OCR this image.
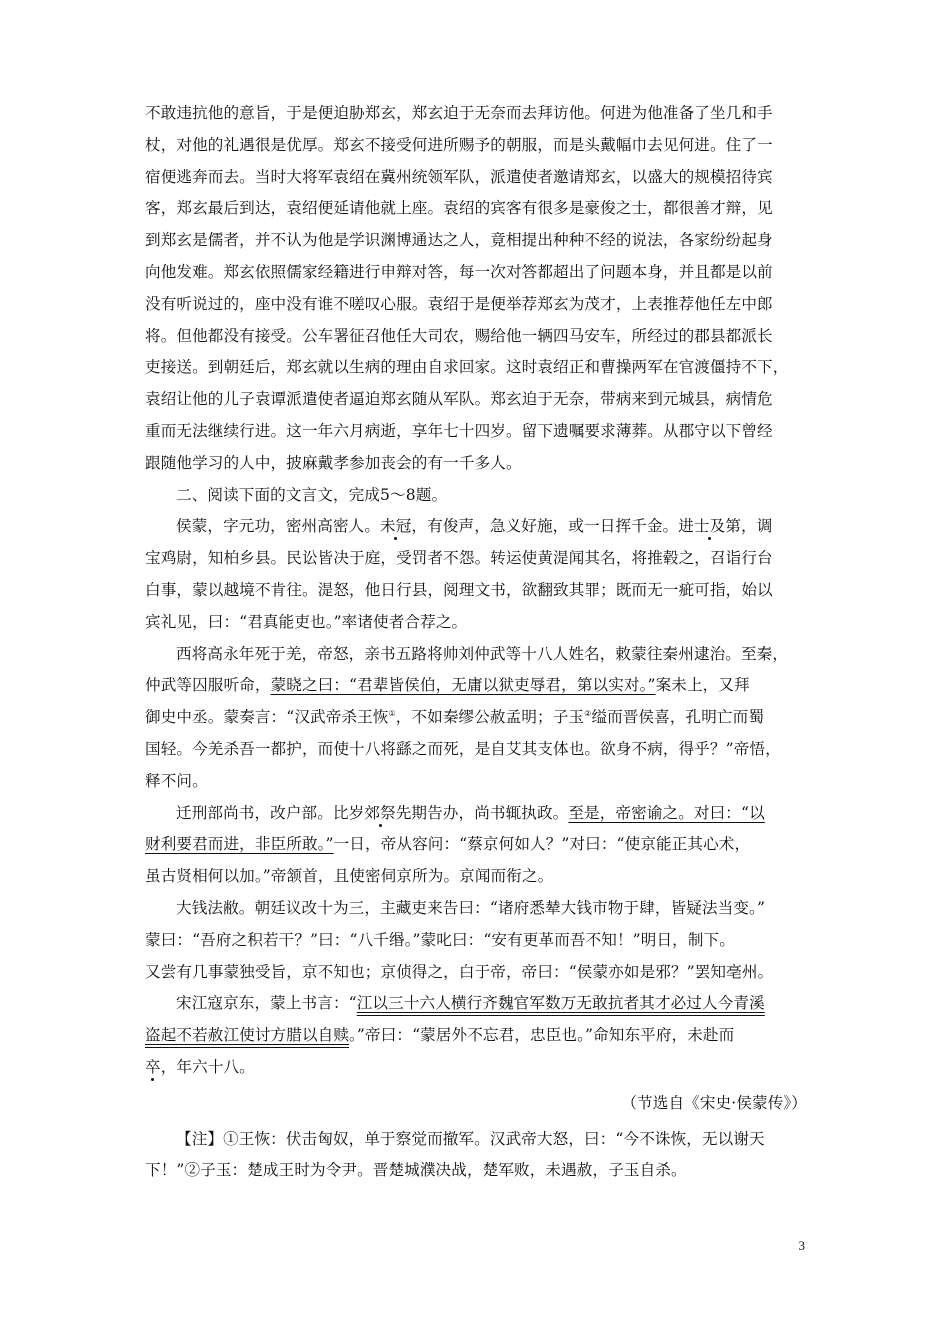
不敢违抗他的意旨，于是便迫胁郑玄，郑玄迫于无奈而去拜访他。何进为他准备了坐几和手
杖，对他的礼遇很是优厚。郑玄不接受何进所赐予的朝服，而是头戴幅巾去见何进。住了一
宿便逃奔而去。当时大将军袁绍在冀州统领军队，派遣使者邀请郑玄，以盛大的规模招待宾
客，郑玄最后到达，袁绍便延请他就上座。袁绍的宾客有很多是豪俊之士，都很善才辩，见
到郑玄是儒者，并不认为他是学识渊博通达之人，竟相提出种种不经的说法，各家纷纷起身
向他发难。郑玄依照儒家经籍进行申辩对答，每一次对答都超出了问题本身，并且都是以前
没有听说过的，座中没有谁不嗟叹心服。袁绍于是便举荐郑玄为茂才，上表推荐他任左中郎
将。但他都没有接受。公车署征召他任大司农，赐给他一辆四马安车，所经过的郡县都派长
吏接送。到朝廷后，郑玄就以生病的理由自求回家。这时袁绍正和曹操两军在官渡僵持不下，
袁绍让他的儿子袁谭派遣使者逼迫郑玄随从军队。郑玄迫于无奈，带病来到元城县，病情危
重而无法继续行进。这一年六月病逝，享年七十四岁。留下遗嘱要求薄葬。从郡守以下曾经
跟随他学习的人中，披麻戴孝参加丧会的有一千多人。

二、阅读下面的文言文，完成5～8题。

侯蒙，字元功，密州高密人。未冠，有俊声，急义好施，或一日挥千金。进士及第，调
宝鸡尉，知柏乡县。民讼皆决于庭，受罚者不怨。转运使黄湜闻其名，将推毂之，召诣行台
白事，蒙以越境不肯往。湜怒，他日行县，阅理文书，欲翻致其罪；既而无一疵可指，始以
宾礼见，曰：“君真能吏也。”率诸使者合荐之。

西将高永年死于羌，帝怒，亲书五路将帅刘仲武等十八人姓名，敕蒙往秦州逮治。至秦，
仲武等囚服听命，蒙晓之曰：“君辈皆侯伯，无庸以狱吏辱君，第以实对。”案未上，又拜
御史中丞。蒙奏言：“汉武帝杀王恢①，不如秦缪公赦孟明；子玉②缢而晋侯喜，孔明亡而蜀
国轻。今羌杀吾一都护，而使十八将繇之而死，是自艾其支体也。欲身不病，得乎？”帝悟，
释不问。

迁刑部尚书，改户部。比岁郊祭先期告办，尚书辄执政。至是，帝密谕之。对曰：“以
财利要君而进，非臣所敢。”一日，帝从容问：“蔡京何如人？”对曰：“使京能正其心术，
虽古贤相何以加。”帝颔首，且使密伺京所为。京闻而衔之。

大钱法敝。朝廷议改十为三，主藏吏来告曰：“诸府悉辇大钱市物于肆，皆疑法当变。”
蒙曰：“吾府之积若干？”曰：“八千缗。”蒙叱曰：“安有更革而吾不知！”明日，制下。
又尝有几事蒙独受旨，京不知也；京侦得之，白于帝，帝曰：“侯蒙亦如是邪？”罢知亳州。

宋江寇京东，蒙上书言：“江以三十六人横行齐魏官军数万无敢抗者其才必过人今青溪
盗起不若赦江使讨方腊以自赎。”帝曰：“蒙居外不忘君，忠臣也。”命知东平府，未赴而
卒，年六十八。

（节选自《宋史·侯蒙传》）

【注】①王恢：伏击匈奴，单于察觉而撤军。汉武帝大怒，曰：“今不诛恢，无以谢天
下！”②子玉：楚成王时为令尹。晋楚城濮决战，楚军败，未遇赦，子玉自杀。

3
